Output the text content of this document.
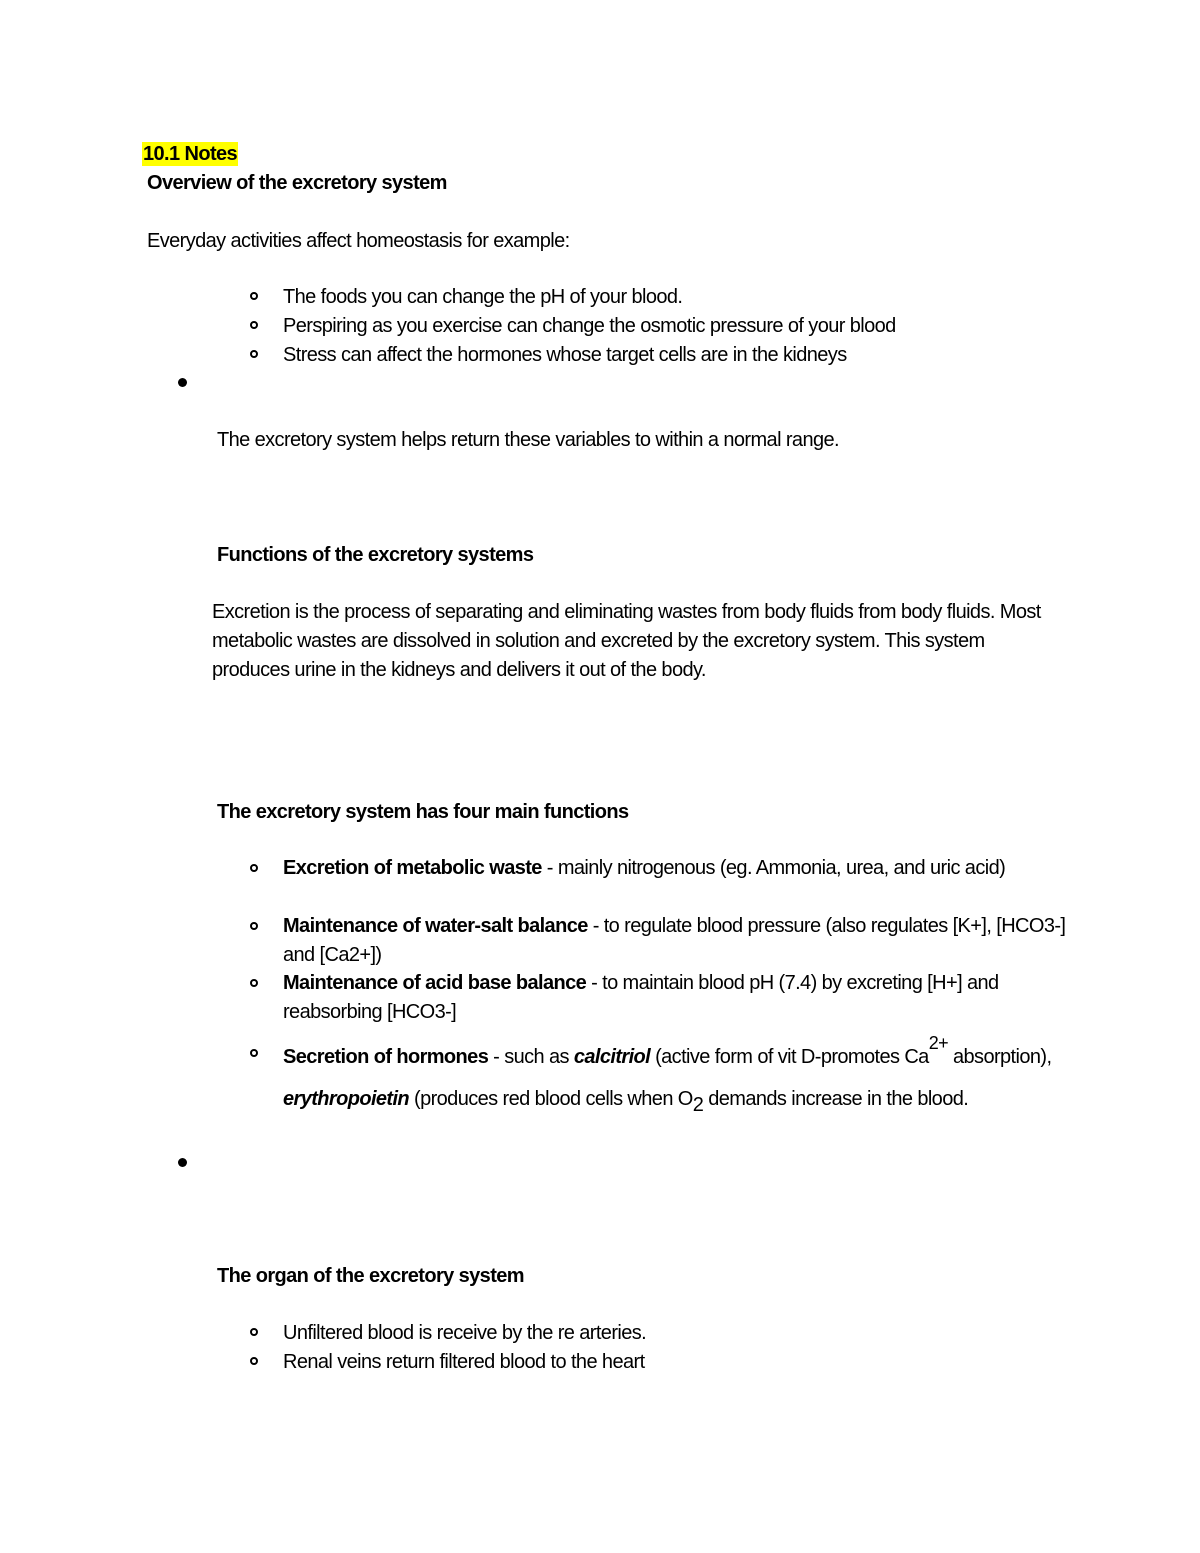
10.1 Notes
Overview of the excretory system
Everyday activities affect homeostasis for example:
The foods you can change the pH of your blood.
Perspiring as you exercise can change the osmotic pressure of your blood
Stress can affect the hormones whose target cells are in the kidneys
The excretory system helps return these variables to within a normal range.
Functions of the excretory systems
Excretion is the process of separating and eliminating wastes from body fluids from body fluids. Most metabolic wastes are dissolved in solution and excreted by the excretory system. This system produces urine in the kidneys and delivers it out of the body.
The excretory system has four main functions
Excretion of metabolic waste - mainly nitrogenous (eg. Ammonia, urea, and uric acid)
Maintenance of water-salt balance - to regulate blood pressure (also regulates [K+], [HCO3-] and [Ca2+])
Maintenance of acid base balance - to maintain blood pH (7.4) by excreting [H+] and reabsorbing [HCO3-]
Secretion of hormones - such as calcitriol (active form of vit D-promotes $Ca^{2+}$ absorption), erythropoietin (produces red blood cells when $O_2$ demands increase in the blood.
The organ of the excretory system
Unfiltered blood is receive by the re arteries.
Renal veins return filtered blood to the heart
